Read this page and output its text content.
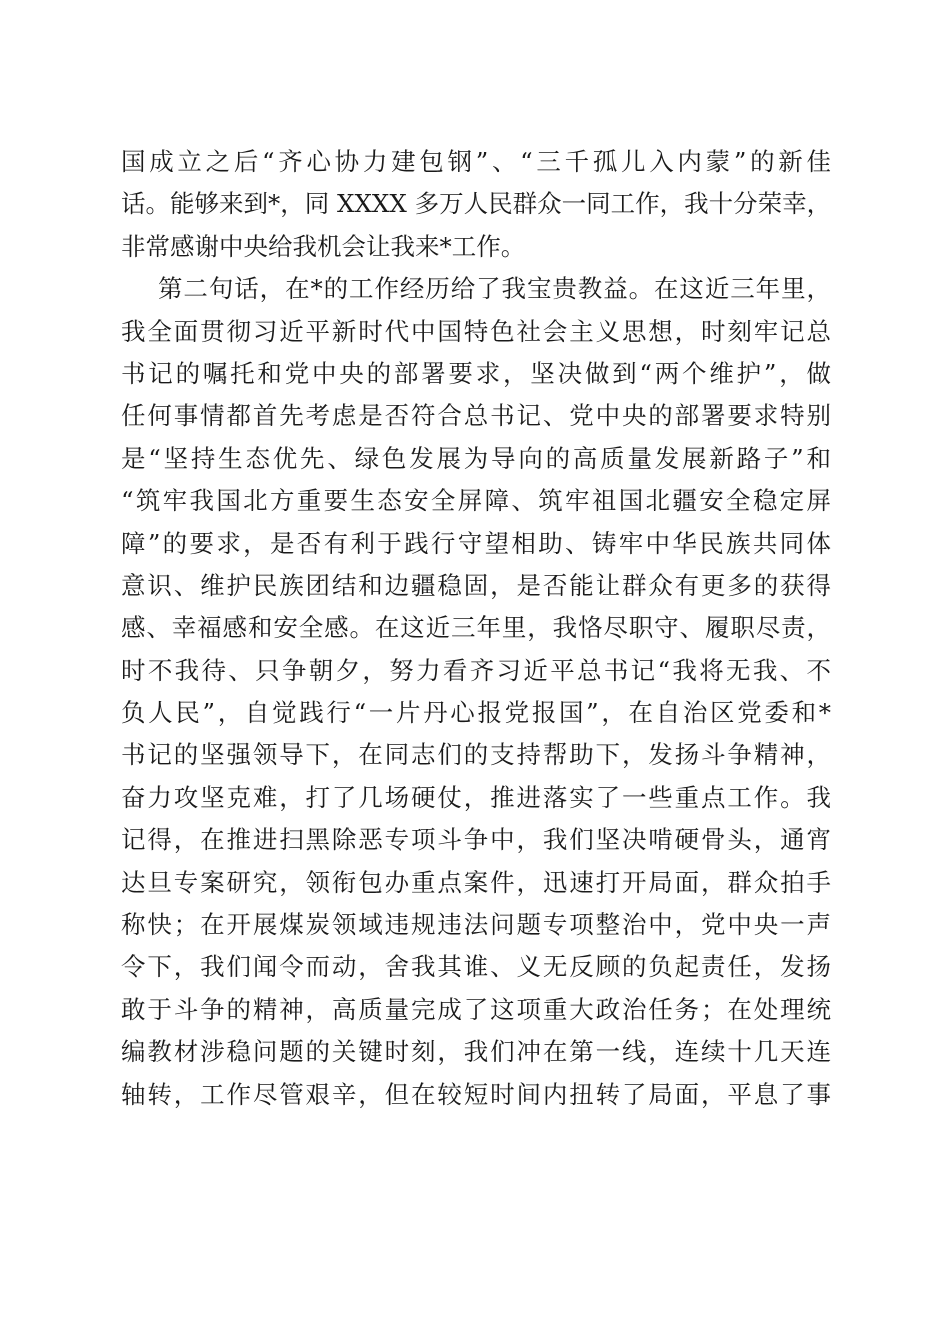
国成立之后“齐心协力建包钢”、“三千孤儿入内蒙”的新佳
话。能够来到*，同 XXXX 多万人民群众一同工作，我十分荣幸，
非常感谢中央给我机会让我来*工作。
第二句话，在*的工作经历给了我宝贵教益。在这近三年里，
我全面贯彻习近平新时代中国特色社会主义思想，时刻牢记总
书记的嘱托和党中央的部署要求，坚决做到“两个维护”，做
任何事情都首先考虑是否符合总书记、党中央的部署要求特别
是“坚持生态优先、绿色发展为导向的高质量发展新路子”和
“筑牢我国北方重要生态安全屏障、筑牢祖国北疆安全稳定屏
障”的要求，是否有利于践行守望相助、铸牢中华民族共同体
意识、维护民族团结和边疆稳固，是否能让群众有更多的获得
感、幸福感和安全感。在这近三年里，我恪尽职守、履职尽责，
时不我待、只争朝夕，努力看齐习近平总书记“我将无我、不
负人民”，自觉践行“一片丹心报党报国”，在自治区党委和*
书记的坚强领导下，在同志们的支持帮助下，发扬斗争精神，
奋力攻坚克难，打了几场硬仗，推进落实了一些重点工作。我
记得，在推进扫黑除恶专项斗争中，我们坚决啃硬骨头，通宵
达旦专案研究，领衔包办重点案件，迅速打开局面，群众拍手
称快；在开展煤炭领域违规违法问题专项整治中，党中央一声
令下，我们闻令而动，舍我其谁、义无反顾的负起责任，发扬
敢于斗争的精神，高质量完成了这项重大政治任务；在处理统
编教材涉稳问题的关键时刻，我们冲在第一线，连续十几天连
轴转，工作尽管艰辛，但在较短时间内扭转了局面，平息了事
